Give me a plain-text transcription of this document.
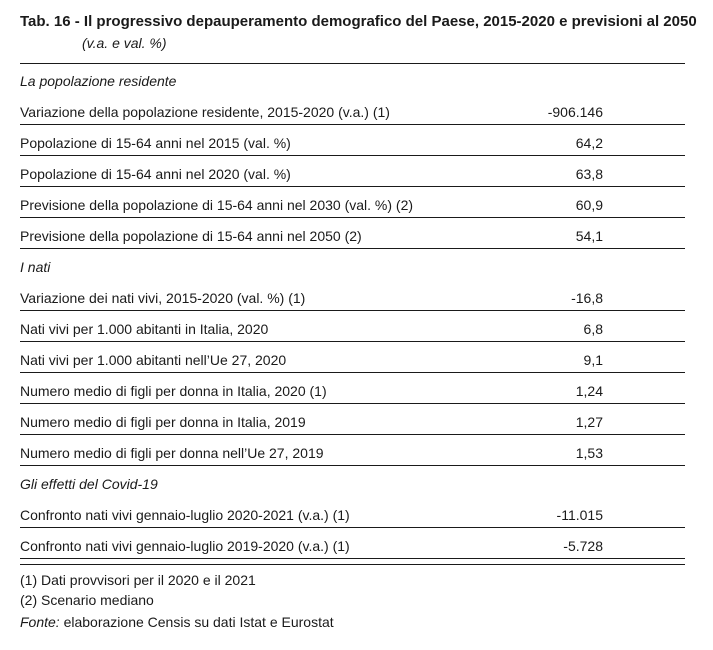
Tab. 16 - Il progressivo depauperamento demografico del Paese, 2015-2020 e previsioni al 2050
(v.a. e val. %)
La popolazione residente
Variazione della popolazione residente, 2015-2020 (v.a.) (1)	-906.146
Popolazione di 15-64 anni nel 2015 (val. %)	64,2
Popolazione di 15-64 anni nel 2020 (val. %)	63,8
Previsione della popolazione di 15-64 anni nel 2030 (val. %) (2)	60,9
Previsione della popolazione di 15-64 anni nel 2050 (2)	54,1
I nati
Variazione dei nati vivi, 2015-2020 (val. %) (1)	-16,8
Nati vivi per 1.000 abitanti in Italia, 2020	6,8
Nati vivi per 1.000 abitanti nell’Ue 27, 2020	9,1
Numero medio di figli per donna in Italia, 2020 (1)	1,24
Numero medio di figli per donna in Italia, 2019	1,27
Numero medio di figli per donna nell’Ue 27, 2019	1,53
Gli effetti del Covid-19
Confronto nati vivi gennaio-luglio 2020-2021 (v.a.) (1)	-11.015
Confronto nati vivi gennaio-luglio 2019-2020 (v.a.) (1)	-5.728
(1) Dati provvisori per il 2020 e il 2021
(2) Scenario mediano
Fonte: elaborazione Censis su dati Istat e Eurostat
